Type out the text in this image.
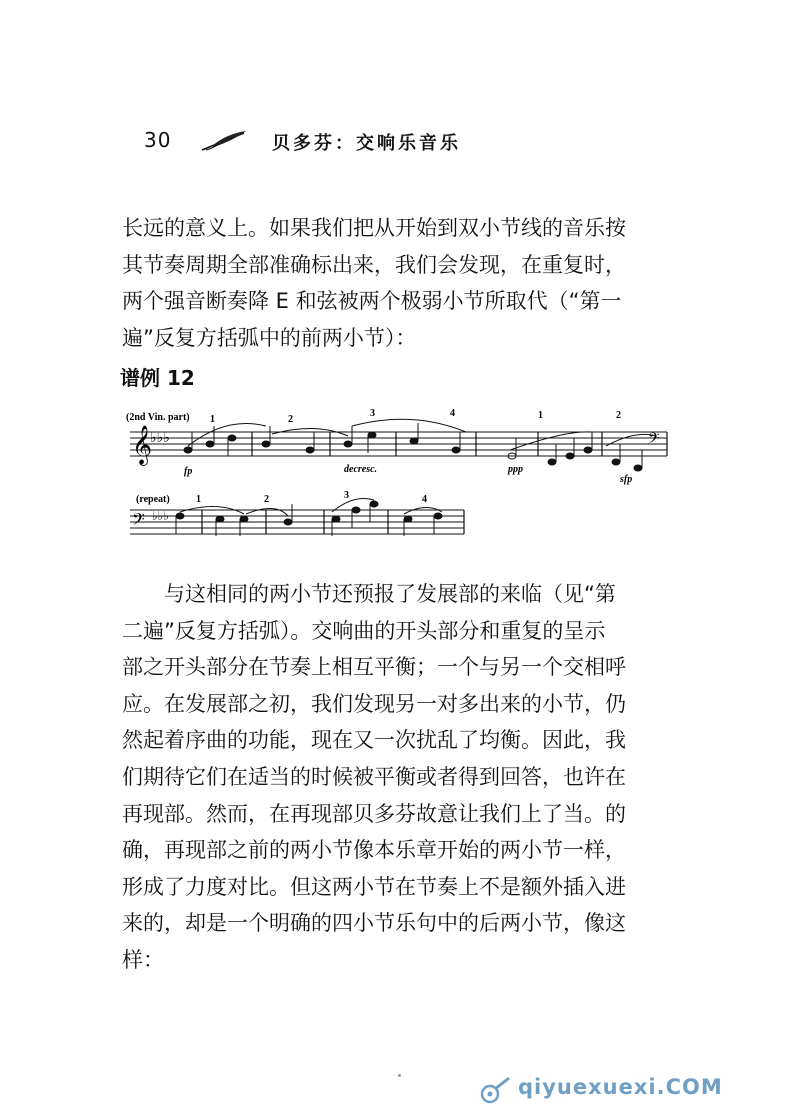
30	贝多芬：交响乐音乐
长远的意义上。如果我们把从开始到双小节线的音乐按
其节奏周期全部准确标出来，我们会发现，在重复时，
两个强音断奏降 E 和弦被两个极弱小节所取代（“第一
遍”反复方括弧中的前两小节）：
谱例 12
(2nd Vin. part)
𝄞
♭♭♭	𝄢
1	2
3	4	1	2
fp	decresc.	ppp
sfp
(repeat)
𝄢 ♭♭♭
1	2	3	4
与这相同的两小节还预报了发展部的来临（见“第
二遍”反复方括弧）。交响曲的开头部分和重复的呈示
部之开头部分在节奏上相互平衡；一个与另一个交相呼
应。在发展部之初，我们发现另一对多出来的小节，仍
然起着序曲的功能，现在又一次扰乱了均衡。因此，我
们期待它们在适当的时候被平衡或者得到回答，也许在
再现部。然而，在再现部贝多芬故意让我们上了当。的
确，再现部之前的两小节像本乐章开始的两小节一样，
形成了力度对比。但这两小节在节奏上不是额外插入进
来的，却是一个明确的四小节乐句中的后两小节，像这
样：
qiyuexuexi.COM
